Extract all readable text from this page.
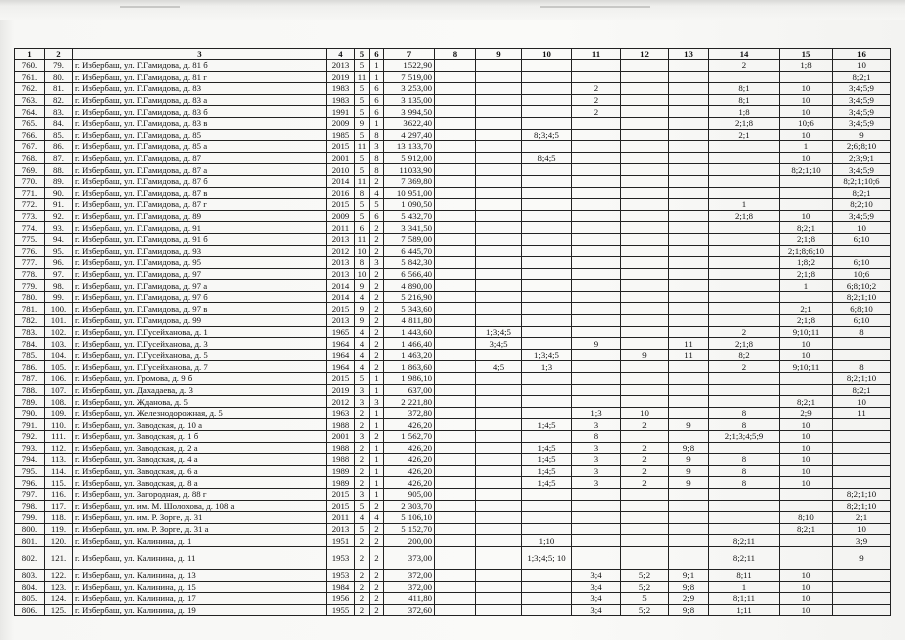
1	2	3	4	5	6	7	8	9	10	11	12	13	14	15	16
760.	79.	г. Избербаш, ул. Г.Гамидова, д. 81 б	2013	5	1	1522,90							2	1;8	10
761.	80.	г. Избербаш, ул. Г.Гамидова, д. 81 г	2019	11	1	7 519,00									8;2;1
762.	81.	г. Избербаш, ул. Г.Гамидова, д. 83	1983	5	6	3 253,00				2			8;1	10	3;4;5;9
763.	82.	г. Избербаш, ул. Г.Гамидова, д. 83 а	1983	5	6	3 135,00				2			8;1	10	3;4;5;9
764.	83.	г. Избербаш, ул. Г.Гамидова, д. 83 б	1991	5	6	3 994,50				2			1;8	10	3;4;5;9
765.	84.	г. Избербаш, ул. Г.Гамидова, д. 83 в	2009	9	1	3622,40							2;1;8	10;6	3;4;5;9
766.	85.	г. Избербаш, ул. Г.Гамидова, д. 85	1985	5	8	4 297,40			8;3;4;5				2;1	10	9
767.	86.	г. Избербаш, ул. Г.Гамидова, д. 85 а	2015	11	3	13 133,70								1	2;6;8;10
768.	87.	г. Избербаш, ул. Г.Гамидова, д. 87	2001	5	8	5 912,00			8;4;5					10	2;3;9;1
769.	88.	г. Избербаш, ул. Г.Гамидова, д. 87 а	2010	5	8	11033,90								8;2;1;10	3;4;5;9
770.	89.	г. Избербаш, ул. Г.Гамидова, д. 87 б	2014	11	2	7 369,80									8;2;1;10;6
771.	90.	г. Избербаш, ул. Г.Гамидова, д. 87 в	2016	8	4	10 951,00									8;2;1
772.	91.	г. Избербаш, ул. Г.Гамидова, д. 87 г	2015	5	5	1 090,50							1		8;2;10
773.	92.	г. Избербаш, ул. Г.Гамидова, д. 89	2009	5	6	5 432,70							2;1;8	10	3;4;5;9
774.	93.	г. Избербаш, ул. Г.Гамидова, д. 91	2011	6	2	3 341,50								8;2;1	10
775.	94.	г. Избербаш, ул. Г.Гамидова, д. 91 б	2013	11	2	7 589,00								2;1;8	6;10
776.	95.	г. Избербаш, ул. Г.Гамидова, д. 93	2012	10	2	6 445,70								2;1;8;6;10	
777.	96.	г. Избербаш, ул. Г.Гамидова, д. 95	2013	8	3	5 842,30								1;8;2	6;10
778.	97.	г. Избербаш, ул. Г.Гамидова, д. 97	2013	10	2	6 566,40								2;1;8	10;6
779.	98.	г. Избербаш, ул. Г.Гамидова, д. 97 а	2014	9	2	4 890,00								1	6;8;10;2
780.	99.	г. Избербаш, ул. Г.Гамидова, д. 97 б	2014	4	2	5 216,90									8;2;1;10
781.	100.	г. Избербаш, ул. Г.Гамидова, д. 97 в	2015	9	2	5 343,60								2;1	6;8;10
782.	101.	г. Избербаш, ул. Г.Гамидова, д. 99	2013	9	2	4 811,80								2;1;8	6;10
783.	102.	г. Избербаш, ул. Г.Гусейханова, д. 1	1965	4	2	1 443,60		1;3;4;5					2	9;10;11	8
784.	103.	г. Избербаш, ул. Г.Гусейханова, д. 3	1964	4	2	1 466,40		3;4;5		9		11	2;1;8	10	
785.	104.	г. Избербаш, ул. Г.Гусейханова, д. 5	1964	4	2	1 463,20			1;3;4;5		9	11	8;2	10	
786.	105.	г. Избербаш, ул. Г.Гусейханова, д. 7	1964	4	2	1 863,60		4;5	1;3				2	9;10;11	8
787.	106.	г. Избербаш, ул. Громова, д. 9 б	2015	5	1	1 986,10									8;2;1;10
788.	107.	г. Избербаш, ул. Дахадаева, д. 3	2019	3	1	637,00									8;2;1
789.	108.	г. Избербаш, ул. Жданова, д. 5	2012	3	3	2 221,80								8;2;1	10
790.	109.	г. Избербаш, ул. Железнодорожная, д. 5	1963	2	1	372,80				1;3	10		8	2;9	11
791.	110.	г. Избербаш, ул. Заводская, д. 10 а	1988	2	1	426,20			1;4;5	3	2	9	8	10	
792.	111.	г. Избербаш, ул. Заводская, д. 1 б	2001	3	2	1 562,70				8			2;1;3;4;5;9	10	
793.	112.	г. Избербаш, ул. Заводская, д. 2 а	1988	2	1	426,20			1;4;5	3	2	9;8		10	
794.	113.	г. Избербаш, ул. Заводская, д. 4 а	1988	2	1	426,20			1;4;5	3	2	9	8	10	
795.	114.	г. Избербаш, ул. Заводская, д. 6 а	1989	2	1	426,20			1;4;5	3	2	9	8	10	
796.	115.	г. Избербаш, ул. Заводская, д. 8 а	1989	2	1	426,20			1;4;5	3	2	9	8	10	
797.	116.	г. Избербаш, ул. Загородная, д. 88 г	2015	3	1	905,00									8;2;1;10
798.	117.	г. Избербаш, ул. им. М. Шолохова, д. 108 а	2015	5	2	2 303,70									8;2;1;10
799.	118.	г. Избербаш, ул. им. Р. Зорге, д. 31	2011	4	4	5 106,10								8;10	2;1
800.	119.	г. Избербаш, ул. им. Р. Зорге, д. 31 а	2013	5	2	5 152,70								8;2;1	10
801.	120.	г. Избербаш, ул. Калинина, д. 1	1951	2	2	200,00			1;10				8;2;11		3;9
802.	121.	г. Избербаш, ул. Калинина, д. 11	1953	2	2	373,00			1;3;4;5; 10				8;2;11		9
803.	122.	г. Избербаш, ул. Калинина, д. 13	1953	2	2	372,00				3;4	5;2	9;1	8;11	10	
804.	123.	г. Избербаш, ул. Калинина, д. 15	1984	2	2	372,00				3;4	5;2	9;8	1	10	
805.	124.	г. Избербаш, ул. Калинина, д. 17	1956	2	2	411,80				3;4	5	2;9	8;1;11	10	
806.	125.	г. Избербаш, ул. Калинина, д. 19	1955	2	2	372,60				3;4	5;2	9;8	1;11	10	
